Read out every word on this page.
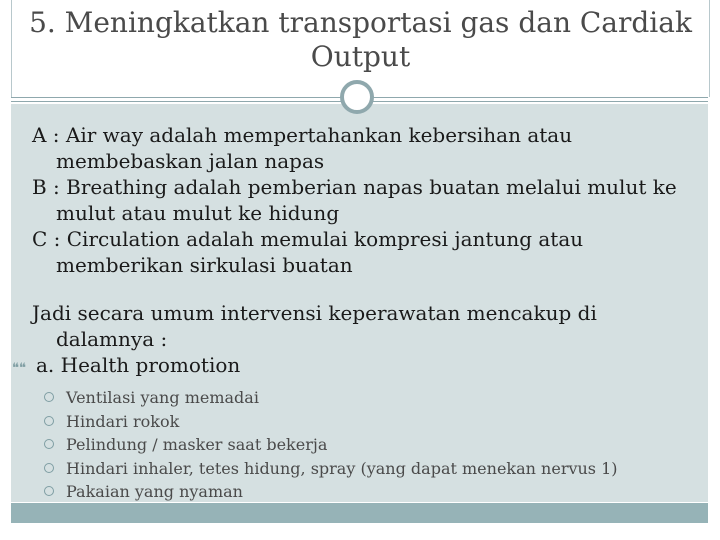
5. Meningkatkan transportasi gas dan Cardiak Output

A : Air way adalah mempertahankan kebersihan atau membebaskan jalan napas

B : Breathing adalah pemberian napas buatan melalui mulut ke mulut atau mulut ke hidung

C : Circulation adalah memulai kompresi jantung atau memberikan sirkulasi buatan

Jadi secara umum intervensi keperawatan mencakup di dalamnya :

❝❝ a. Health promotion
Ventilasi yang memadai
Hindari rokok
Pelindung / masker saat bekerja
Hindari inhaler, tetes hidung, spray (yang dapat menekan nervus 1)
Pakaian yang nyaman
